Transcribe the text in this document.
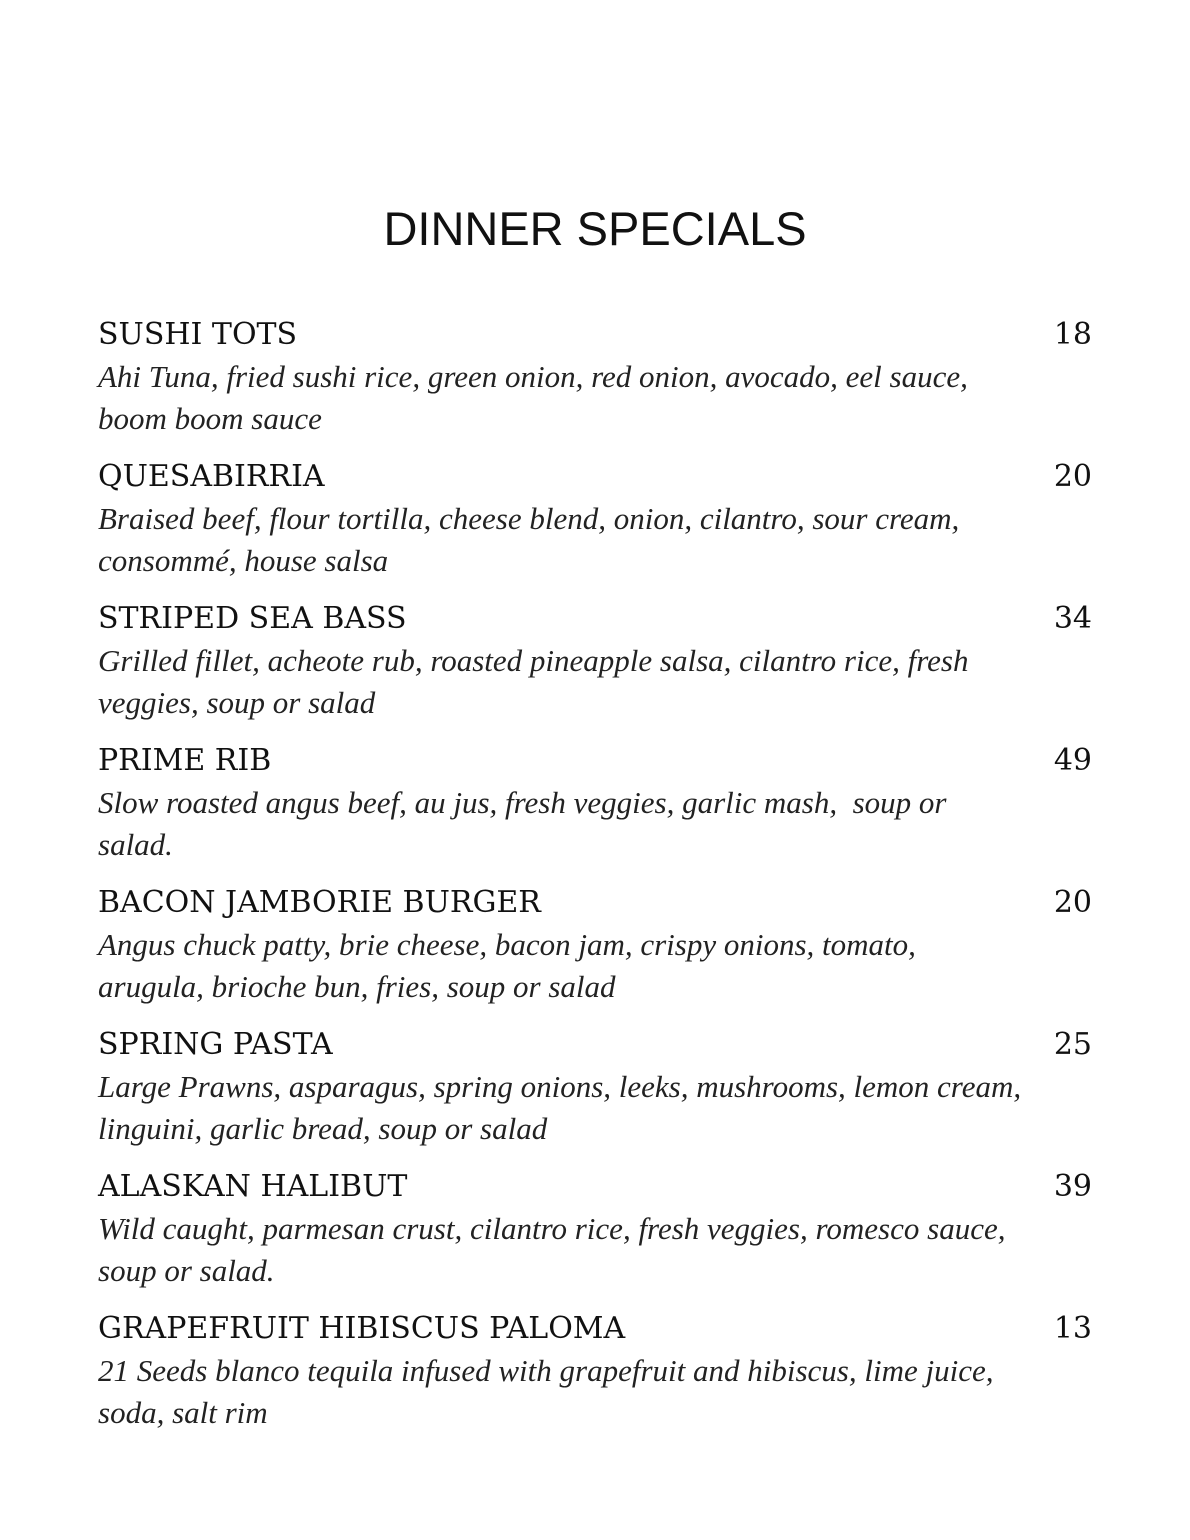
DINNER SPECIALS
SUSHI TOTS	18
Ahi Tuna, fried sushi rice, green onion, red onion, avocado, eel sauce, boom boom sauce
QUESABIRRIA	20
Braised beef, flour tortilla, cheese blend, onion, cilantro, sour cream, consommé, house salsa
STRIPED SEA BASS	34
Grilled fillet, acheote rub, roasted pineapple salsa, cilantro rice, fresh veggies, soup or salad
PRIME RIB	49
Slow roasted angus beef, au jus, fresh veggies, garlic mash,  soup or salad.
BACON JAMBORIE BURGER	20
Angus chuck patty, brie cheese, bacon jam, crispy onions, tomato, arugula, brioche bun, fries, soup or salad
SPRING PASTA	25
Large Prawns, asparagus, spring onions, leeks, mushrooms, lemon cream, linguini, garlic bread, soup or salad
ALASKAN HALIBUT	39
Wild caught, parmesan crust, cilantro rice, fresh veggies, romesco sauce, soup or salad.
GRAPEFRUIT HIBISCUS PALOMA	13
21 Seeds blanco tequila infused with grapefruit and hibiscus, lime juice, soda, salt rim
